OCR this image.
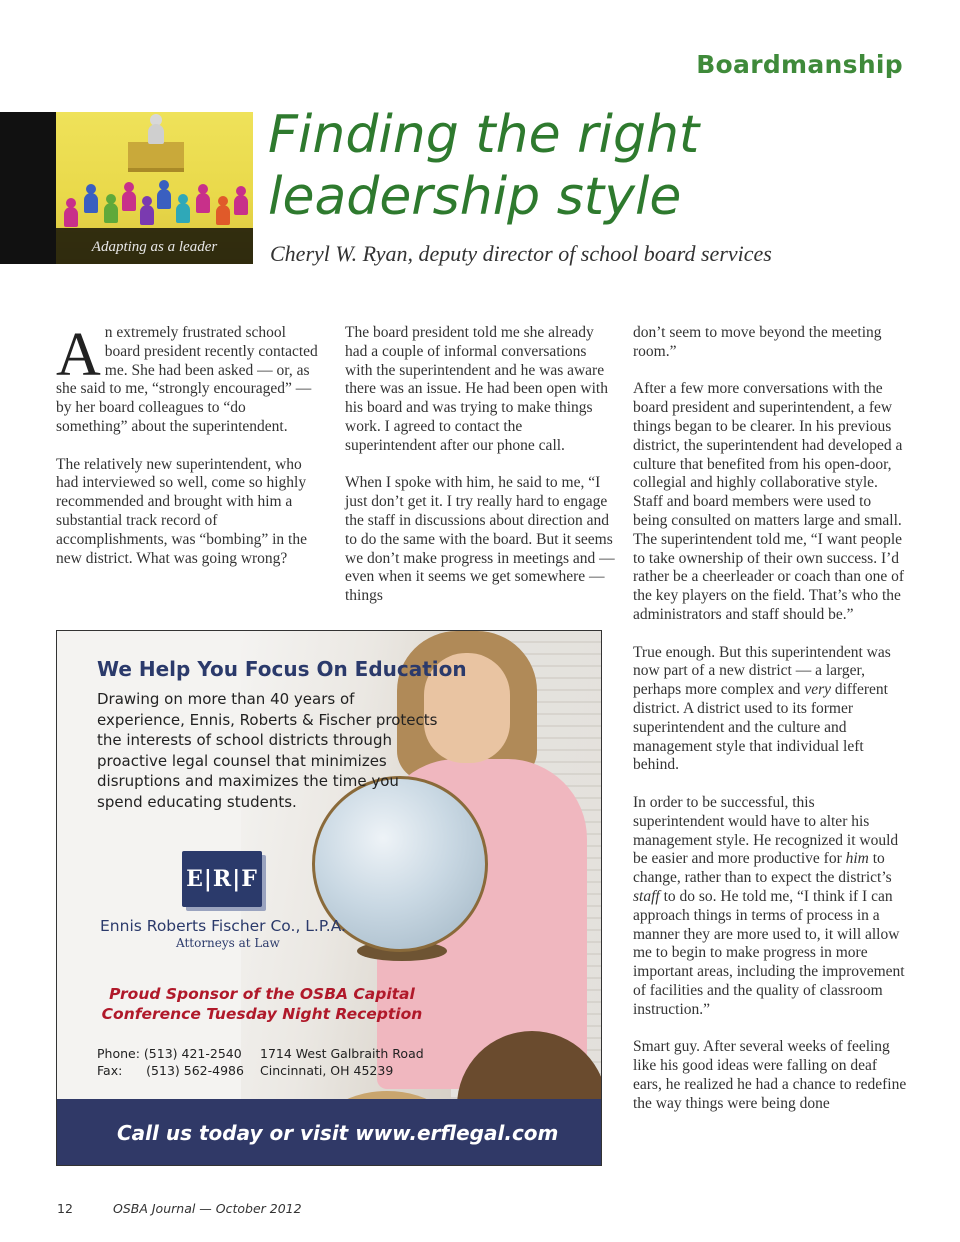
Boardmanship
Adapting as a leader
Finding the right
leadership style
Cheryl W. Ryan, deputy director of school board services

An extremely frustrated school board president recently contacted me. She had been asked — or, as she said to me, “strongly encouraged” — by her board colleagues to “do something” about the superintendent.

The relatively new superintendent, who had interviewed so well, come so highly recommended and brought with him a substantial track record of accomplishments, was “bombing” in the new district. What was going wrong?

The board president told me she already had a couple of informal conversations with the superintendent and he was aware there was an issue. He had been open with his board and was trying to make things work. I agreed to contact the superintendent after our phone call.

When I spoke with him, he said to me, “I just don’t get it. I try really hard to engage the staff in discussions about direction and to do the same with the board. But it seems we don’t make progress in meetings and — even when it seems we get somewhere — things

don’t seem to move beyond the meeting room.”

After a few more conversations with the board president and superintendent, a few things began to be clearer. In his previous district, the superintendent had developed a culture that benefited from his open-door, collegial and highly collaborative style. Staff and board members were used to being consulted on matters large and small. The superintendent told me, “I want people to take ownership of their own success. I’d rather be a cheerleader or coach than one of the key players on the field. That’s who the administrators and staff should be.”

True enough. But this superintendent was now part of a new district — a larger, perhaps more complex and very different district. A district used to its former superintendent and the culture and management style that individual left behind.

In order to be successful, this superintendent would have to alter his management style. He recognized it would be easier and more productive for him to change, rather than to expect the district’s staff to do so. He told me, “I think if I can approach things in terms of process in a manner they are more used to, it will allow me to begin to make progress in more important areas, including the improvement of facilities and the quality of classroom instruction.”

Smart guy. After several weeks of feeling like his good ideas were falling on deaf ears, he realized he had a chance to redefine the way things were being done

We Help You Focus On Education
Drawing on more than 40 years of experience, Ennis, Roberts & Fischer protects the interests of school districts through proactive legal counsel that minimizes disruptions and maximizes the time you spend educating students.
E|R|F
Ennis Roberts Fischer Co., L.P.A.
Attorneys at Law
Proud Sponsor of the OSBA Capital
Conference Tuesday Night Reception
Phone: (513) 421-2540
Fax: (513) 562-4986
1714 West Galbraith Road
Cincinnati, OH 45239
Call us today or visit www.erflegal.com
12	OSBA Journal — October 2012
